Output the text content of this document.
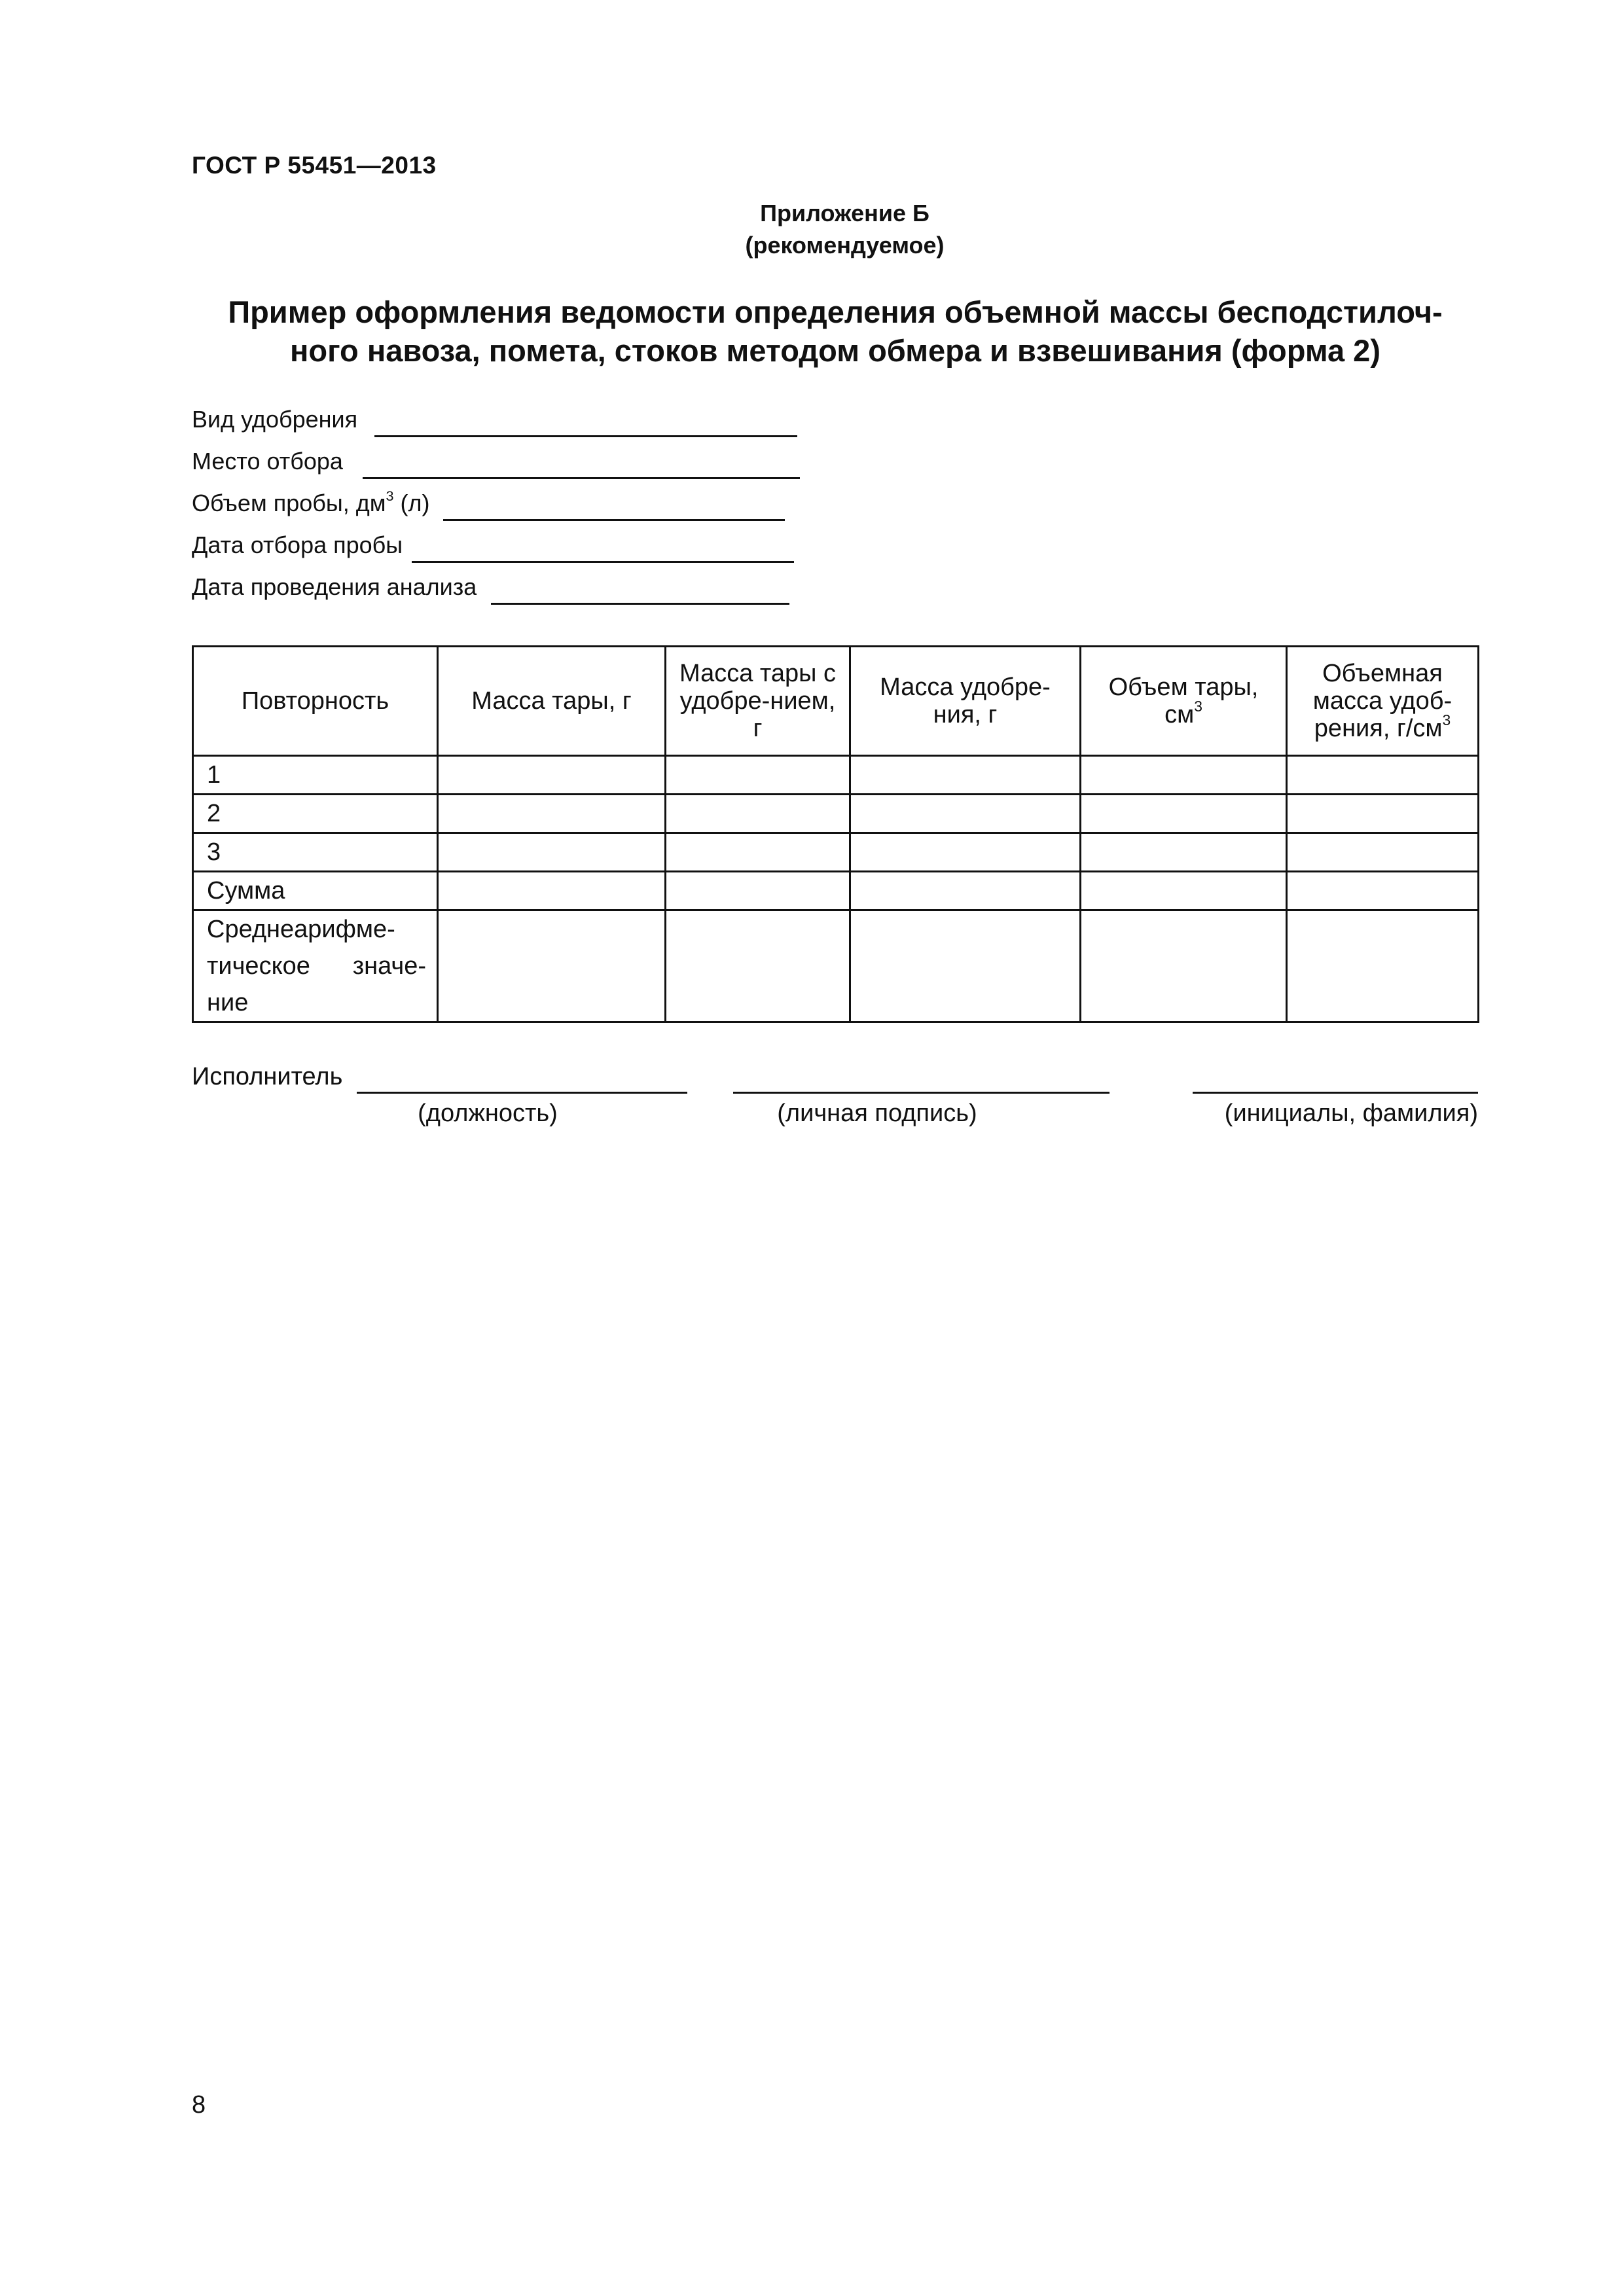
ГОСТ Р 55451—2013
Приложение Б
(рекомендуемое)
Пример оформления ведомости определения объемной массы бесподстилоч-
ного навоза, помета, стоков методом обмера и взвешивания (форма 2)
Вид удобрения
Место отбора
Объем пробы, $дм^3$ (л)
Дата отбора пробы
Дата проведения анализа
Повторность	Масса тары, г	Масса тары с удобре-нием, г	Масса удобре-ния, г	Объем тары, $см^3$	Объемная масса удоб-рения, $г/см^3$
1					
2					
3					
Сумма					
Среднеарифме-тическое значе-ние					
Исполнитель
(должность)	(личная подпись)	(инициалы, фамилия)
8
